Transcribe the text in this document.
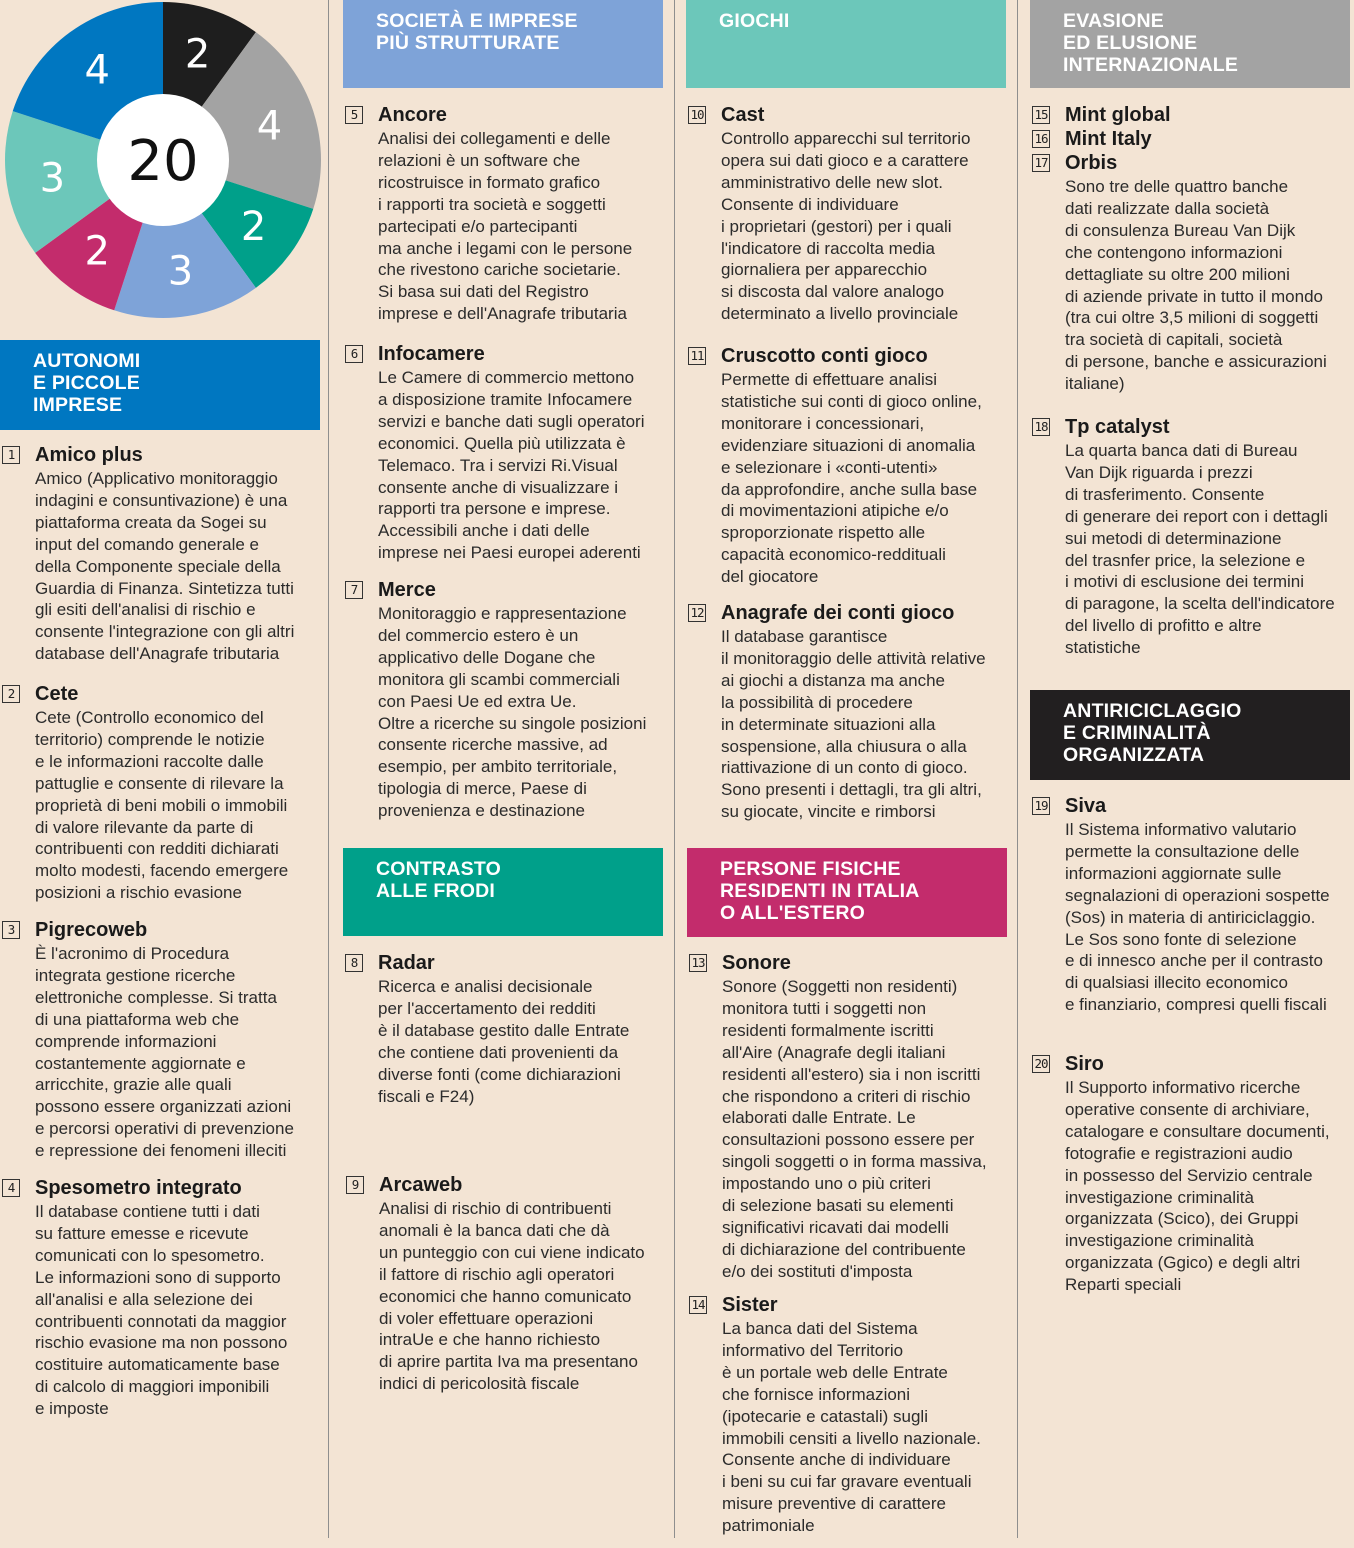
2
4
2
3
2
3
4
20
AUTONOMI
E PICCOLE
IMPRESE
SOCIETÀ E IMPRESE
PIÙ STRUTTURATE
CONTRASTO
ALLE FRODI
GIOCHI
PERSONE FISICHE
RESIDENTI IN ITALIA
O ALL'ESTERO
EVASIONE
ED ELUSIONE
INTERNAZIONALE
ANTIRICICLAGGIO
E CRIMINALITÀ
ORGANIZZATA
1 Amico plus
Amico (Applicativo monitoraggio
indagini e consuntivazione) è una
piattaforma creata da Sogei su
input del comando generale e
della Componente speciale della
Guardia di Finanza. Sintetizza tutti
gli esiti dell'analisi di rischio e
consente l'integrazione con gli altri
database dell'Anagrafe tributaria
2 Cete
Cete (Controllo economico del
territorio) comprende le notizie
e le informazioni raccolte dalle
pattuglie e consente di rilevare la
proprietà di beni mobili o immobili
di valore rilevante da parte di
contribuenti con redditi dichiarati
molto modesti, facendo emergere
posizioni a rischio evasione
3 Pigrecoweb
È l'acronimo di Procedura
integrata gestione ricerche
elettroniche complesse. Si tratta
di una piattaforma web che
comprende informazioni
costantemente aggiornate e
arricchite, grazie alle quali
possono essere organizzati azioni
e percorsi operativi di prevenzione
e repressione dei fenomeni illeciti
4 Spesometro integrato
Il database contiene tutti i dati
su fatture emesse e ricevute
comunicati con lo spesometro.
Le informazioni sono di supporto
all'analisi e alla selezione dei
contribuenti connotati da maggior
rischio evasione ma non possono
costituire automaticamente base
di calcolo di maggiori imponibili
e imposte
5 Ancore
Analisi dei collegamenti e delle
relazioni è un software che
ricostruisce in formato grafico
i rapporti tra società e soggetti
partecipati e/o partecipanti
ma anche i legami con le persone
che rivestono cariche societarie.
Si basa sui dati del Registro
imprese e dell'Anagrafe tributaria
6 Infocamere
Le Camere di commercio mettono
a disposizione tramite Infocamere
servizi e banche dati sugli operatori
economici. Quella più utilizzata è
Telemaco. Tra i servizi Ri.Visual
consente anche di visualizzare i
rapporti tra persone e imprese.
Accessibili anche i dati delle
imprese nei Paesi europei aderenti
7 Merce
Monitoraggio e rappresentazione
del commercio estero è un
applicativo delle Dogane che
monitora gli scambi commerciali
con Paesi Ue ed extra Ue.
Oltre a ricerche su singole posizioni
consente ricerche massive, ad
esempio, per ambito territoriale,
tipologia di merce, Paese di
provenienza e destinazione
8 Radar
Ricerca e analisi decisionale
per l'accertamento dei redditi
è il database gestito dalle Entrate
che contiene dati provenienti da
diverse fonti (come dichiarazioni
fiscali e F24)
9 Arcaweb
Analisi di rischio di contribuenti
anomali è la banca dati che dà
un punteggio con cui viene indicato
il fattore di rischio agli operatori
economici che hanno comunicato
di voler effettuare operazioni
intraUe e che hanno richiesto
di aprire partita Iva ma presentano
indici di pericolosità fiscale
10 Cast
Controllo apparecchi sul territorio
opera sui dati gioco e a carattere
amministrativo delle new slot.
Consente di individuare
i proprietari (gestori) per i quali
l'indicatore di raccolta media
giornaliera per apparecchio
si discosta dal valore analogo
determinato a livello provinciale
11 Cruscotto conti gioco
Permette di effettuare analisi
statistiche sui conti di gioco online,
monitorare i concessionari,
evidenziare situazioni di anomalia
e selezionare i «conti-utenti»
da approfondire, anche sulla base
di movimentazioni atipiche e/o
sproporzionate rispetto alle
capacità economico-reddituali
del giocatore
12 Anagrafe dei conti gioco
Il database garantisce
il monitoraggio delle attività relative
ai giochi a distanza ma anche
la possibilità di procedere
in determinate situazioni alla
sospensione, alla chiusura o alla
riattivazione di un conto di gioco.
Sono presenti i dettagli, tra gli altri,
su giocate, vincite e rimborsi
13 Sonore
Sonore (Soggetti non residenti)
monitora tutti i soggetti non
residenti formalmente iscritti
all'Aire (Anagrafe degli italiani
residenti all'estero) sia i non iscritti
che rispondono a criteri di rischio
elaborati dalle Entrate. Le
consultazioni possono essere per
singoli soggetti o in forma massiva,
impostando uno o più criteri
di selezione basati su elementi
significativi ricavati dai modelli
di dichiarazione del contribuente
e/o dei sostituti d'imposta
14 Sister
La banca dati del Sistema
informativo del Territorio
è un portale web delle Entrate
che fornisce informazioni
(ipotecarie e catastali) sugli
immobili censiti a livello nazionale.
Consente anche di individuare
i beni su cui far gravare eventuali
misure preventive di carattere
patrimoniale
15 Mint global
16 Mint Italy
17 Orbis
Sono tre delle quattro banche
dati realizzate dalla società
di consulenza Bureau Van Dijk
che contengono informazioni
dettagliate su oltre 200 milioni
di aziende private in tutto il mondo
(tra cui oltre 3,5 milioni di soggetti
tra società di capitali, società
di persone, banche e assicurazioni
italiane)
18 Tp catalyst
La quarta banca dati di Bureau
Van Dijk riguarda i prezzi
di trasferimento. Consente
di generare dei report con i dettagli
sui metodi di determinazione
del trasnfer price, la selezione e
i motivi di esclusione dei termini
di paragone, la scelta dell'indicatore
del livello di profitto e altre
statistiche
19 Siva
Il Sistema informativo valutario
permette la consultazione delle
informazioni aggiornate sulle
segnalazioni di operazioni sospette
(Sos) in materia di antiriciclaggio.
Le Sos sono fonte di selezione
e di innesco anche per il contrasto
di qualsiasi illecito economico
e finanziario, compresi quelli fiscali
20 Siro
Il Supporto informativo ricerche
operative consente di archiviare,
catalogare e consultare documenti,
fotografie e registrazioni audio
in possesso del Servizio centrale
investigazione criminalità
organizzata (Scico), dei Gruppi
investigazione criminalità
organizzata (Ggico) e degli altri
Reparti speciali
